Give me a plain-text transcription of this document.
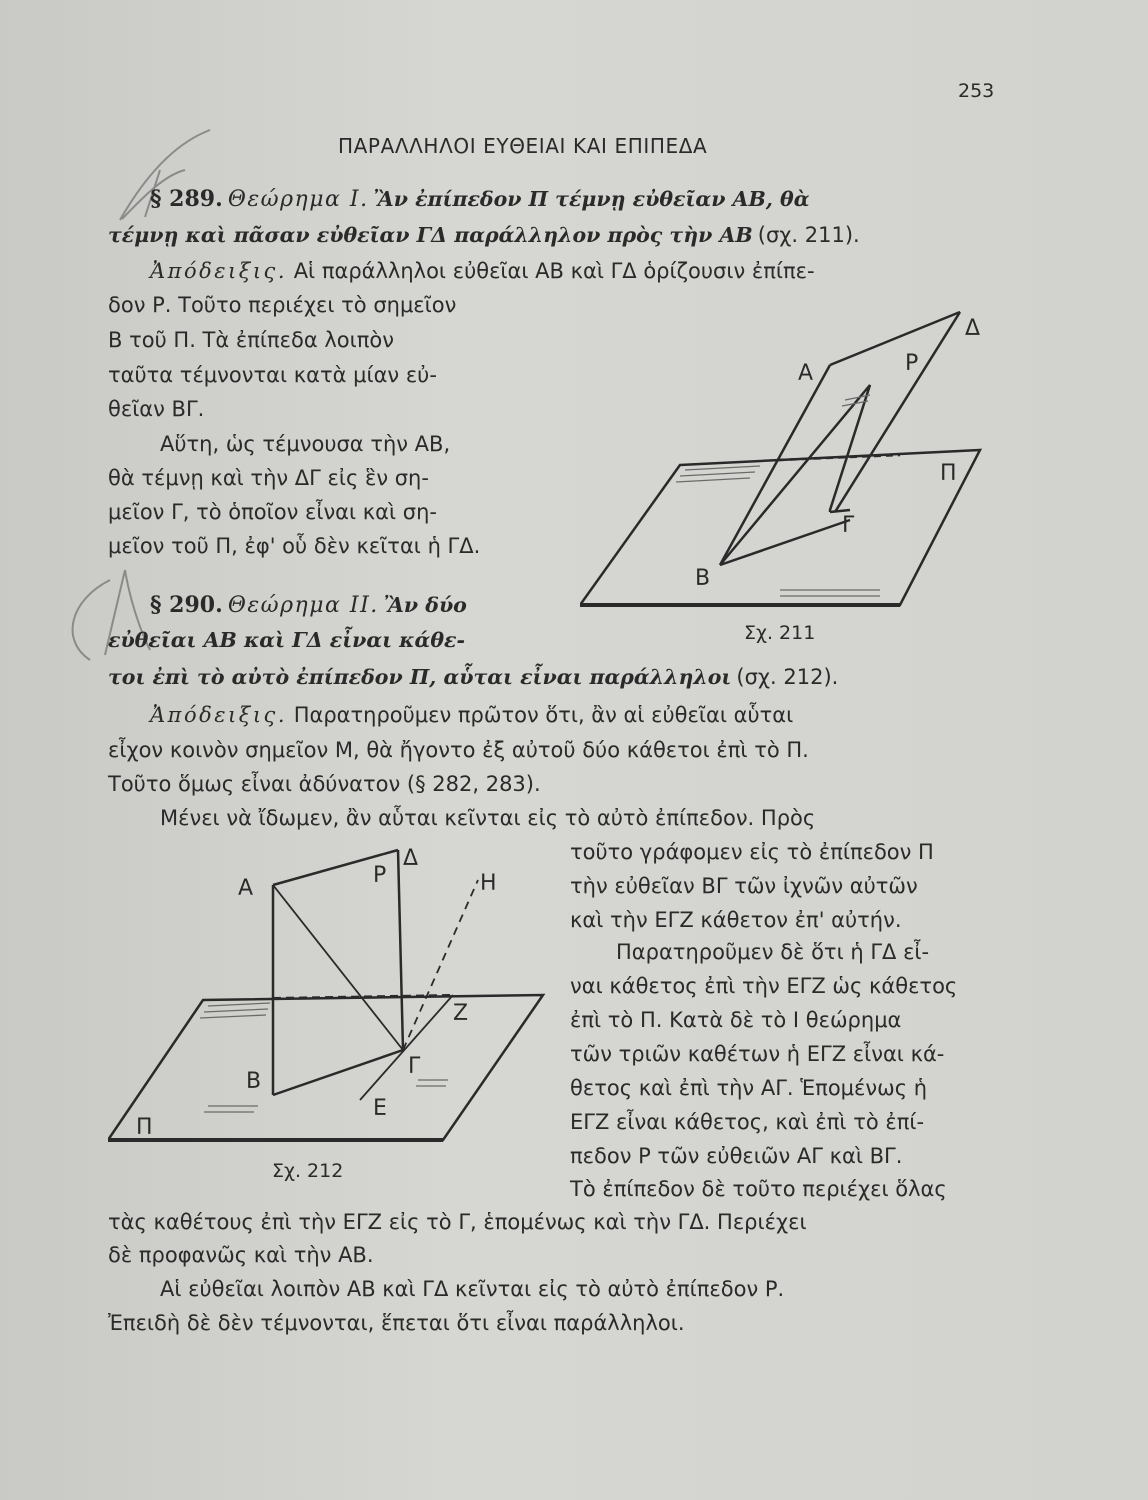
253
ΠΑΡΑΛΛΗΛΟΙ ΕΥΘΕΙΑΙ ΚΑΙ ΕΠΙΠΕΔΑ
§ 289. Θεώρημα I. Ἂν ἐπίπεδον Π τέμνῃ εὐθεῖαν ΑΒ, θὰ
τέμνῃ καὶ πᾶσαν εὐθεῖαν ΓΔ παράλληλον πρὸς τὴν ΑΒ (σχ. 211).
Ἀπόδειξις. Αἱ παράλληλοι εὐθεῖαι ΑΒ καὶ ΓΔ ὁρίζουσιν ἐπίπε-
δον Ρ. Τοῦτο περιέχει τὸ σημεῖον
Β τοῦ Π. Τὰ ἐπίπεδα λοιπὸν
ταῦτα τέμνονται κατὰ μίαν εὐ-
θεῖαν ΒΓ.
Αὕτη, ὡς τέμνουσα τὴν ΑΒ,
θὰ τέμνῃ καὶ τὴν ΔΓ εἰς ἓν ση-
μεῖον Γ, τὸ ὁποῖον εἶναι καὶ ση-
μεῖον τοῦ Π, ἐφ' οὗ δὲν κεῖται ἡ ΓΔ.
Α	Ρ
Δ
Π
Γ
Β
Σχ. 211
§ 290. Θεώρημα II. Ἂν δύο
εὐθεῖαι ΑΒ καὶ ΓΔ εἶναι κάθε-
τοι ἐπὶ τὸ αὐτὸ ἐπίπεδον Π, αὗται εἶναι παράλληλοι (σχ. 212).
Ἀπόδειξις. Παρατηροῦμεν πρῶτον ὅτι, ἂν αἱ εὐθεῖαι αὗται
εἶχον κοινὸν σημεῖον Μ, θὰ ἤγοντο ἐξ αὐτοῦ δύο κάθετοι ἐπὶ τὸ Π.
Τοῦτο ὅμως εἶναι ἀδύνατον (§ 282, 283).
Μένει νὰ ἴδωμεν, ἂν αὗται κεῖνται εἰς τὸ αὐτὸ ἐπίπεδον. Πρὸς
τοῦτο γράφομεν εἰς τὸ ἐπίπεδον Π
τὴν εὐθεῖαν ΒΓ τῶν ἰχνῶν αὐτῶν
καὶ τὴν ΕΓΖ κάθετον ἐπ' αὐτήν.
Παρατηροῦμεν δὲ ὅτι ἡ ΓΔ εἶ-
ναι κάθετος ἐπὶ τὴν ΕΓΖ ὡς κάθετος
ἐπὶ τὸ Π. Κατὰ δὲ τὸ Ι θεώρημα
τῶν τριῶν καθέτων ἡ ΕΓΖ εἶναι κά-
θετος καὶ ἐπὶ τὴν ΑΓ. Ἑπομένως ἡ
ΕΓΖ εἶναι κάθετος, καὶ ἐπὶ τὸ ἐπί-
πεδον Ρ τῶν εὐθειῶν ΑΓ καὶ ΒΓ.
Τὸ ἐπίπεδον δὲ τοῦτο περιέχει ὅλας
Α
Ρ
Δ
Η
Ζ
Γ
Β
Ε
Π
Σχ. 212
τὰς καθέτους ἐπὶ τὴν ΕΓΖ εἰς τὸ Γ, ἑπομένως καὶ τὴν ΓΔ. Περιέχει
δὲ προφανῶς καὶ τὴν ΑΒ.
Αἱ εὐθεῖαι λοιπὸν ΑΒ καὶ ΓΔ κεῖνται εἰς τὸ αὐτὸ ἐπίπεδον Ρ.
Ἐπειδὴ δὲ δὲν τέμνονται, ἕπεται ὅτι εἶναι παράλληλοι.
